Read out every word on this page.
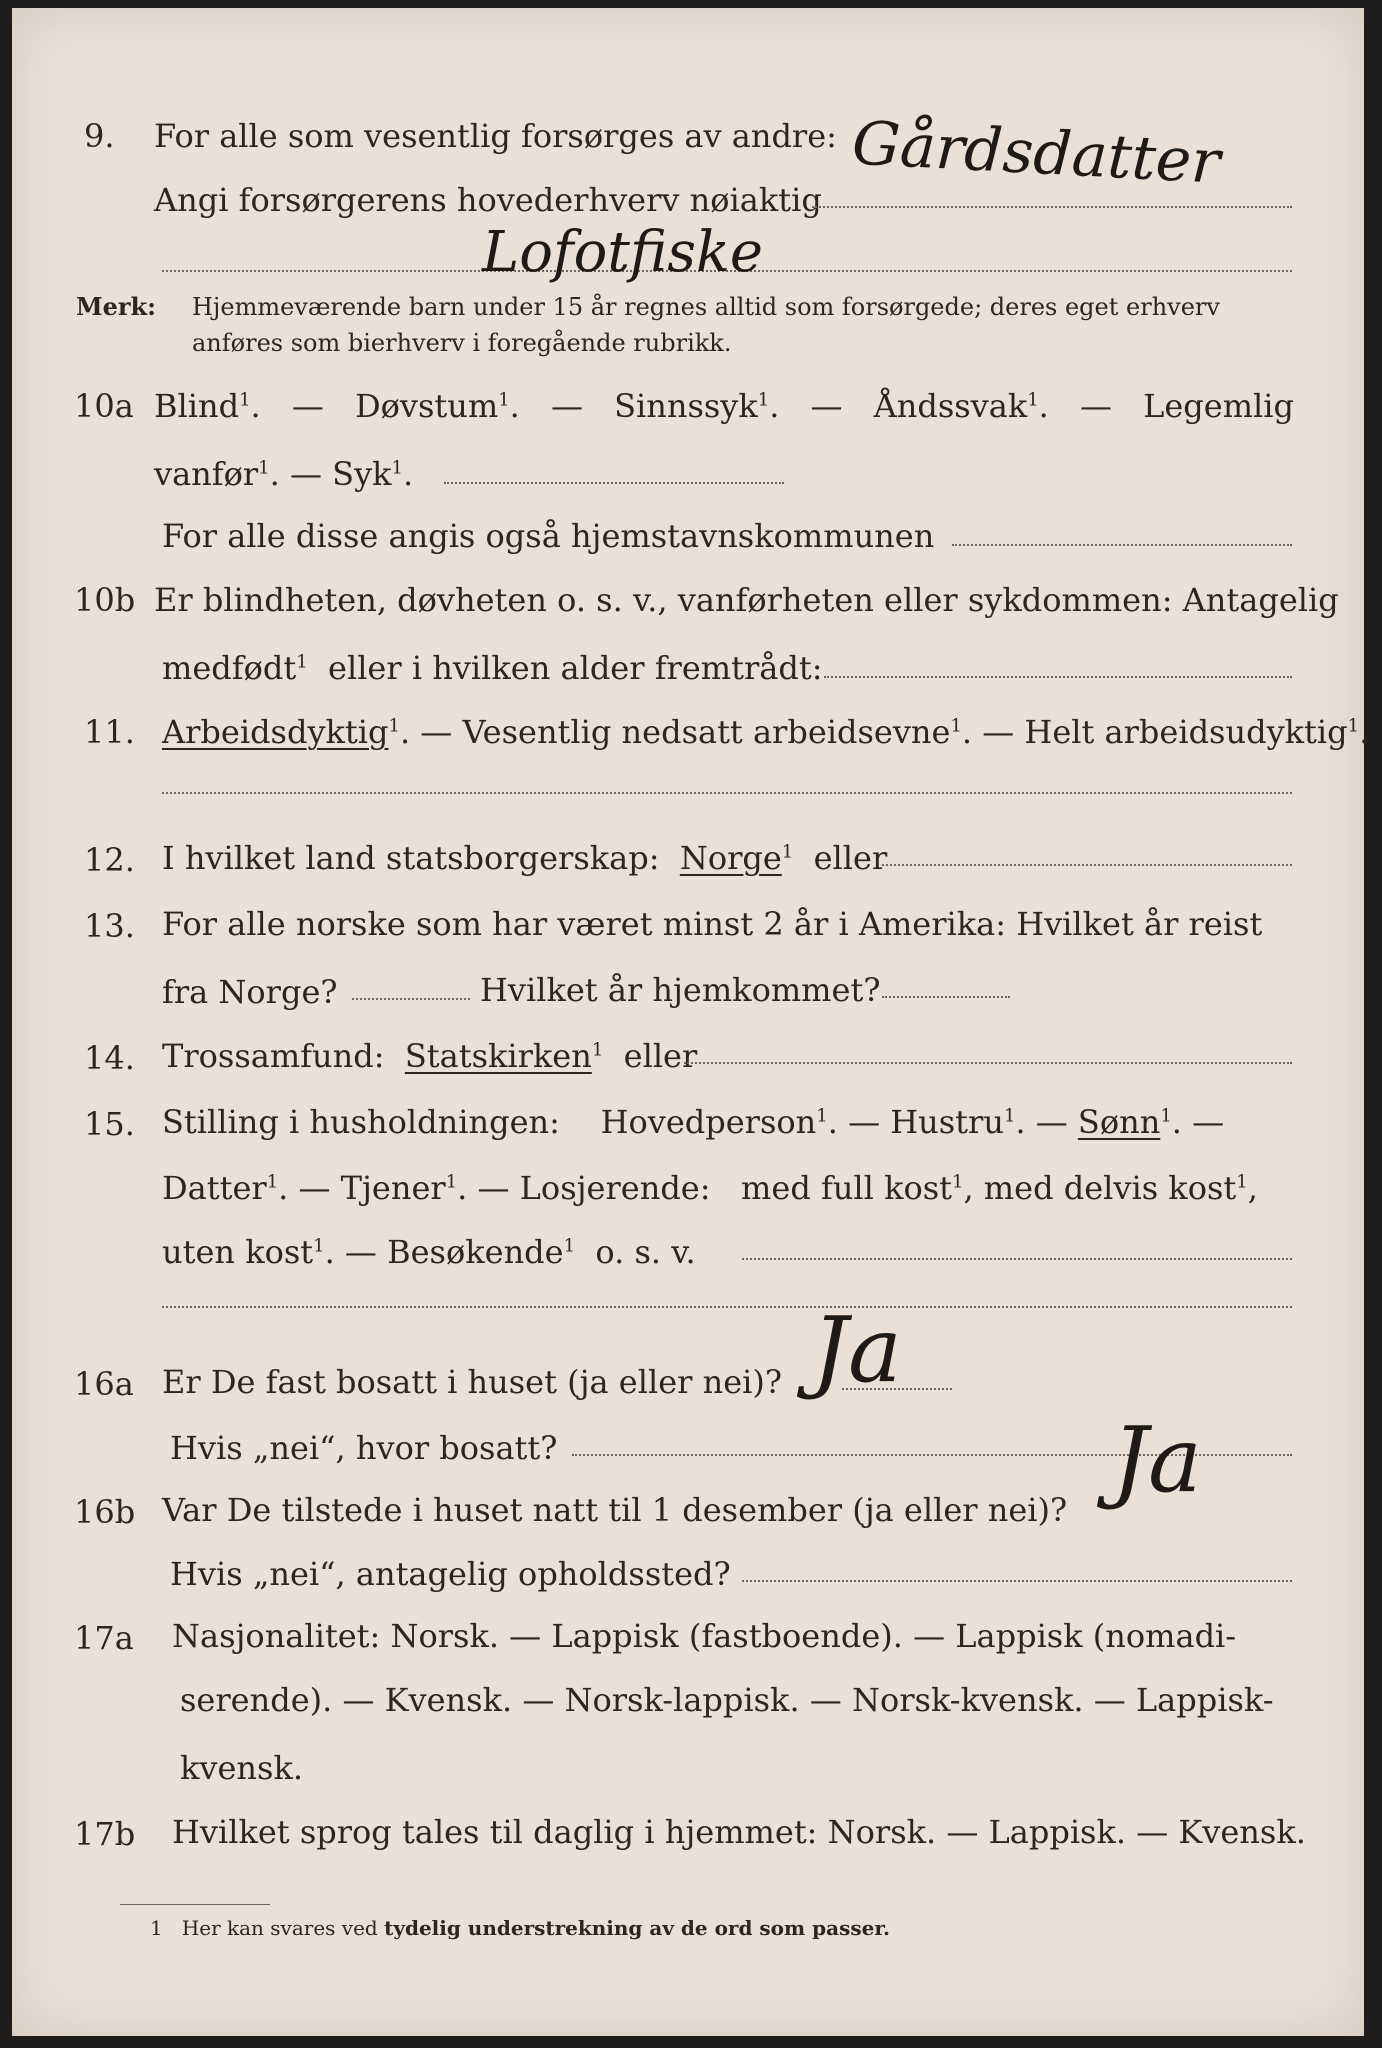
9. For alle som vesentlig forsørges av andre:
Angi forsørgerens hovederhverv nøiaktig
Gårdsdatter
Lofotfiske
Merk: Hjemmeværende barn under 15 år regnes alltid som forsørgede; deres eget erhverv
anføres som bierhverv i foregående rubrikk.
10a Blind$^1$. — Døvstum$^1$. — Sinnssyk$^1$. — Åndssvak$^1$. — Legemlig
vanfør$^1$. — Syk$^1$.
For alle disse angis også hjemstavnskommunen
10b Er blindheten, døvheten o. s. v., vanførheten eller sykdommen: Antagelig
medfødt$^1$ eller i hvilken alder fremtrådt:
11. Arbeidsdyktig$^1$. — Vesentlig nedsatt arbeidsevne$^1$. — Helt arbeidsudyktig$^1$.
12. I hvilket land statsborgerskap: Norge$^1$ eller
13. For alle norske som har været minst 2 år i Amerika: Hvilket år reist
fra Norge?	Hvilket år hjemkommet?
14. Trossamfund: Statskirken$^1$ eller
15. Stilling i husholdningen: Hovedperson$^1$. — Hustru$^1$. — Sønn$^1$. —
Datter$^1$. — Tjener$^1$. — Losjerende: med full kost$^1$, med delvis kost$^1$,
uten kost$^1$. — Besøkende$^1$ o. s. v.
16a Er De fast bosatt i huset (ja eller nei)? Ja
Hvis „nei“, hvor bosatt?
16b Var De tilstede i huset natt til 1 desember (ja eller nei)? Ja
Hvis „nei“, antagelig opholdssted?
17a Nasjonalitet: Norsk. — Lappisk (fastboende). — Lappisk (nomadi-
serende). — Kvensk. — Norsk-lappisk. — Norsk-kvensk. — Lappisk-
kvensk.
17b Hvilket sprog tales til daglig i hjemmet: Norsk. — Lappisk. — Kvensk.
1 Her kan svares ved tydelig understrekning av de ord som passer.
